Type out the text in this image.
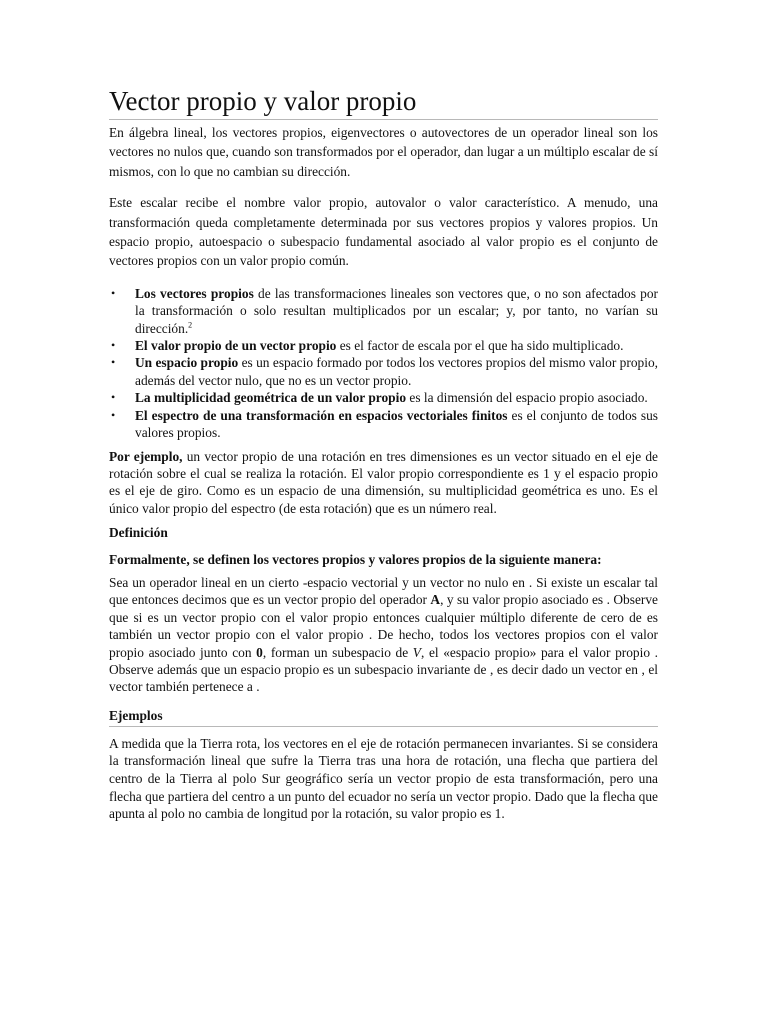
Vector propio y valor propio

En álgebra lineal, los vectores propios, eigenvectores o autovectores de un operador lineal son los vectores no nulos que, cuando son transformados por el operador, dan lugar a un múltiplo escalar de sí mismos, con lo que no cambian su dirección.

Este escalar recibe el nombre valor propio, autovalor o valor característico. A menudo, una transformación queda completamente determinada por sus vectores propios y valores propios. Un espacio propio, autoespacio o subespacio fundamental asociado al valor propio es el conjunto de vectores propios con un valor propio común.

• Los vectores propios de las transformaciones lineales son vectores que, o no son afectados por la transformación o solo resultan multiplicados por un escalar; y, por tanto, no varían su dirección.$^2$
• El valor propio de un vector propio es el factor de escala por el que ha sido multiplicado.
• Un espacio propio es un espacio formado por todos los vectores propios del mismo valor propio, además del vector nulo, que no es un vector propio.
• La multiplicidad geométrica de un valor propio es la dimensión del espacio propio asociado.
• El espectro de una transformación en espacios vectoriales finitos es el conjunto de todos sus valores propios.

Por ejemplo, un vector propio de una rotación en tres dimensiones es un vector situado en el eje de rotación sobre el cual se realiza la rotación. El valor propio correspondiente es 1 y el espacio propio es el eje de giro. Como es un espacio de una dimensión, su multiplicidad geométrica es uno. Es el único valor propio del espectro (de esta rotación) que es un número real.

Definición

Formalmente, se definen los vectores propios y valores propios de la siguiente manera:

Sea un operador lineal en un cierto -espacio vectorial y un vector no nulo en . Si existe un escalar tal que entonces decimos que es un vector propio del operador A, y su valor propio asociado es . Observe que si es un vector propio con el valor propio entonces cualquier múltiplo diferente de cero de es también un vector propio con el valor propio . De hecho, todos los vectores propios con el valor propio asociado junto con 0, forman un subespacio de V, el «espacio propio» para el valor propio . Observe además que un espacio propio es un subespacio invariante de , es decir dado un vector en , el vector también pertenece a .

Ejemplos

A medida que la Tierra rota, los vectores en el eje de rotación permanecen invariantes. Si se considera la transformación lineal que sufre la Tierra tras una hora de rotación, una flecha que partiera del centro de la Tierra al polo Sur geográfico sería un vector propio de esta transformación, pero una flecha que partiera del centro a un punto del ecuador no sería un vector propio. Dado que la flecha que apunta al polo no cambia de longitud por la rotación, su valor propio es 1.
